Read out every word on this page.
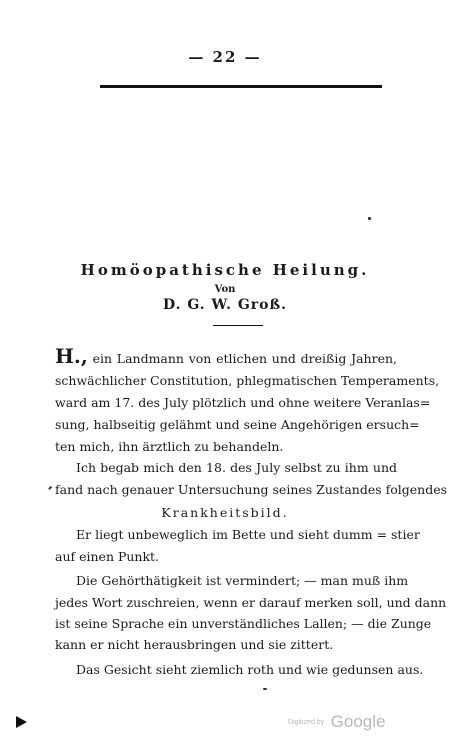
— 22 —
Homöopathische Heilung.
Von
D. G. W. Groß.
H., ein Landmann von etlichen und dreißig Jahren,
schwächlicher Constitution, phlegmatischen Temperaments,
ward am 17. des July plötzlich und ohne weitere Veranlas=
sung, halbseitig gelähmt und seine Angehörigen ersuch=
ten mich, ihn ärztlich zu behandeln.
Ich begab mich den 18. des July selbst zu ihm und
fand nach genauer Untersuchung seines Zustandes folgendes
Krankheitsbild.
Er liegt unbeweglich im Bette und sieht dumm = stier
auf einen Punkt.
Die Gehörthätigkeit ist vermindert; — man muß ihm
jedes Wort zuschreien, wenn er darauf merken soll, und dann
ist seine Sprache ein unverständliches Lallen; — die Zunge
kann er nicht herausbringen und sie zittert.
Das Gesicht sieht ziemlich roth und wie gedunsen aus.
Digitized by Google
